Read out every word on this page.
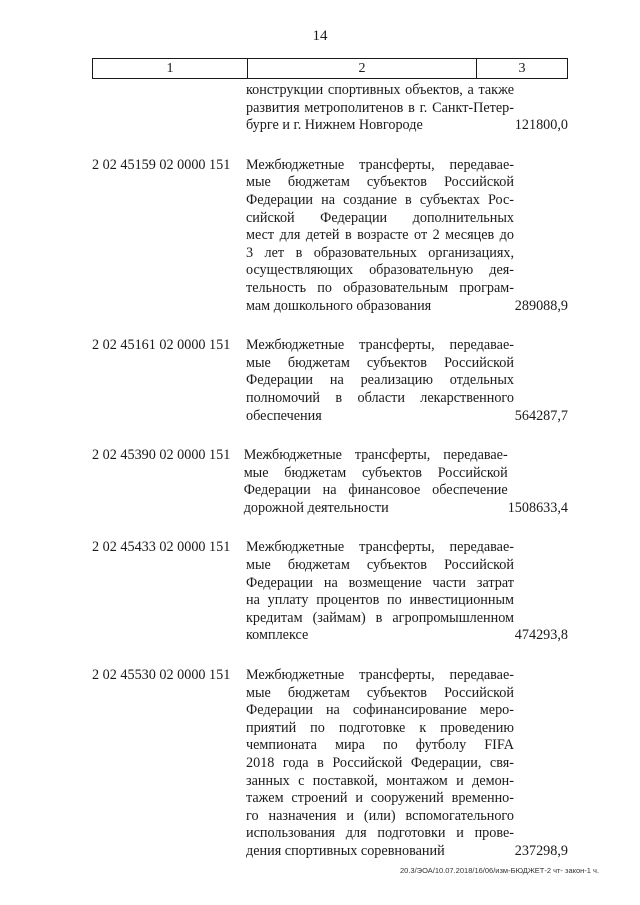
14
1	2	3
конструкции спортивных объектов, а также
развития метрополитенов в г. Санкт-Петер-
бурге и г. Нижнем Новгороде	121800,0
2 02 45159 02 0000 151	Межбюджетные трансферты, передавае-
мые бюджетам субъектов Российской
Федерации на создание в субъектах Рос-
сийской Федерации дополнительных
мест для детей в возрасте от 2 месяцев до
3 лет в образовательных организациях,
осуществляющих образовательную дея-
тельность по образовательным програм-
мам дошкольного образования	289088,9
2 02 45161 02 0000 151	Межбюджетные трансферты, передавае-
мые бюджетам субъектов Российской
Федерации на реализацию отдельных
полномочий в области лекарственного
обеспечения	564287,7
2 02 45390 02 0000 151 Межбюджетные трансферты, передавае-
мые бюджетам субъектов Российской
Федерации на финансовое обеспечение
дорожной деятельности	1508633,4
2 02 45433 02 0000 151	Межбюджетные трансферты, передавае-
мые бюджетам субъектов Российской
Федерации на возмещение части затрат
на уплату процентов по инвестиционным
кредитам (займам) в агропромышленном
комплексе	474293,8
2 02 45530 02 0000 151	Межбюджетные трансферты, передавае-
мые бюджетам субъектов Российской
Федерации на софинансирование меро-
приятий по подготовке к проведению
чемпионата мира по футболу FIFA
2018 года в Российской Федерации, свя-
занных с поставкой, монтажом и демон-
тажем строений и сооружений временно-
го назначения и (или) вспомогательного
использования для подготовки и прове-
дения спортивных соревнований	237298,9
20.3/ЭОА/10.07.2018/16/06/изм-БЮДЖЕТ-2 чт- закон-1 ч.
